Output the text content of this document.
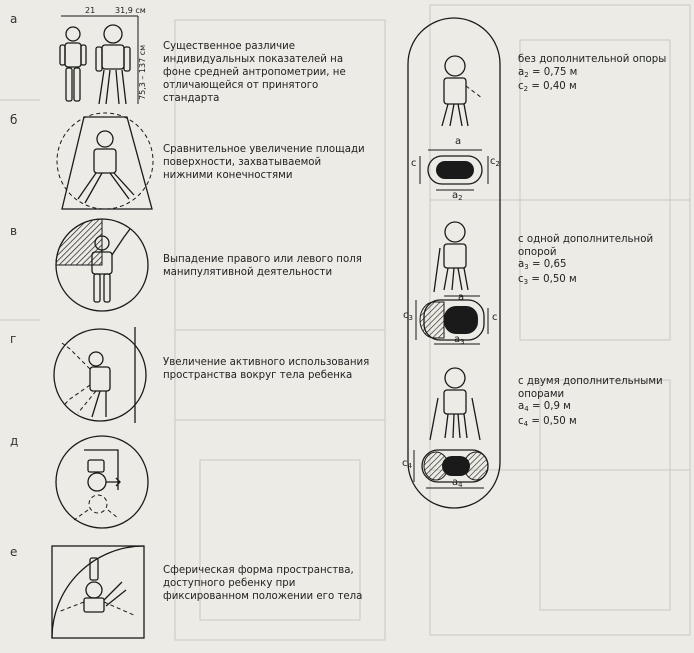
а
21 31,9 см
75,3 – 137 см Существенное различие индивидуальных показателей на фоне средней антропометрии, не отличающейся от принятого стандарта
б
Сравнительное увеличение площади поверхности, захватываемой нижними конечностями
в
Выпадение правого или левого поля манипулятивной деятельности
г
Увеличение активного использования пространства вокруг тела ребенка
д
е
Сферическая форма пространства, доступного ребенку при фиксированном положении его тела
a
c	$c_2$
$a_2$
a
$c_3$	c
$a_3$
$c_4$
$a_4$
без дополнительной опоры
$a_2 = 0,75$ м
$c_2 = 0,40$ м
с одной дополнительной опорой
$a_3 = 0,65$
$c_3 = 0,50$ м
с двумя дополнительными опорами
$a_4 = 0,9$ м
$c_4 = 0,50$ м
